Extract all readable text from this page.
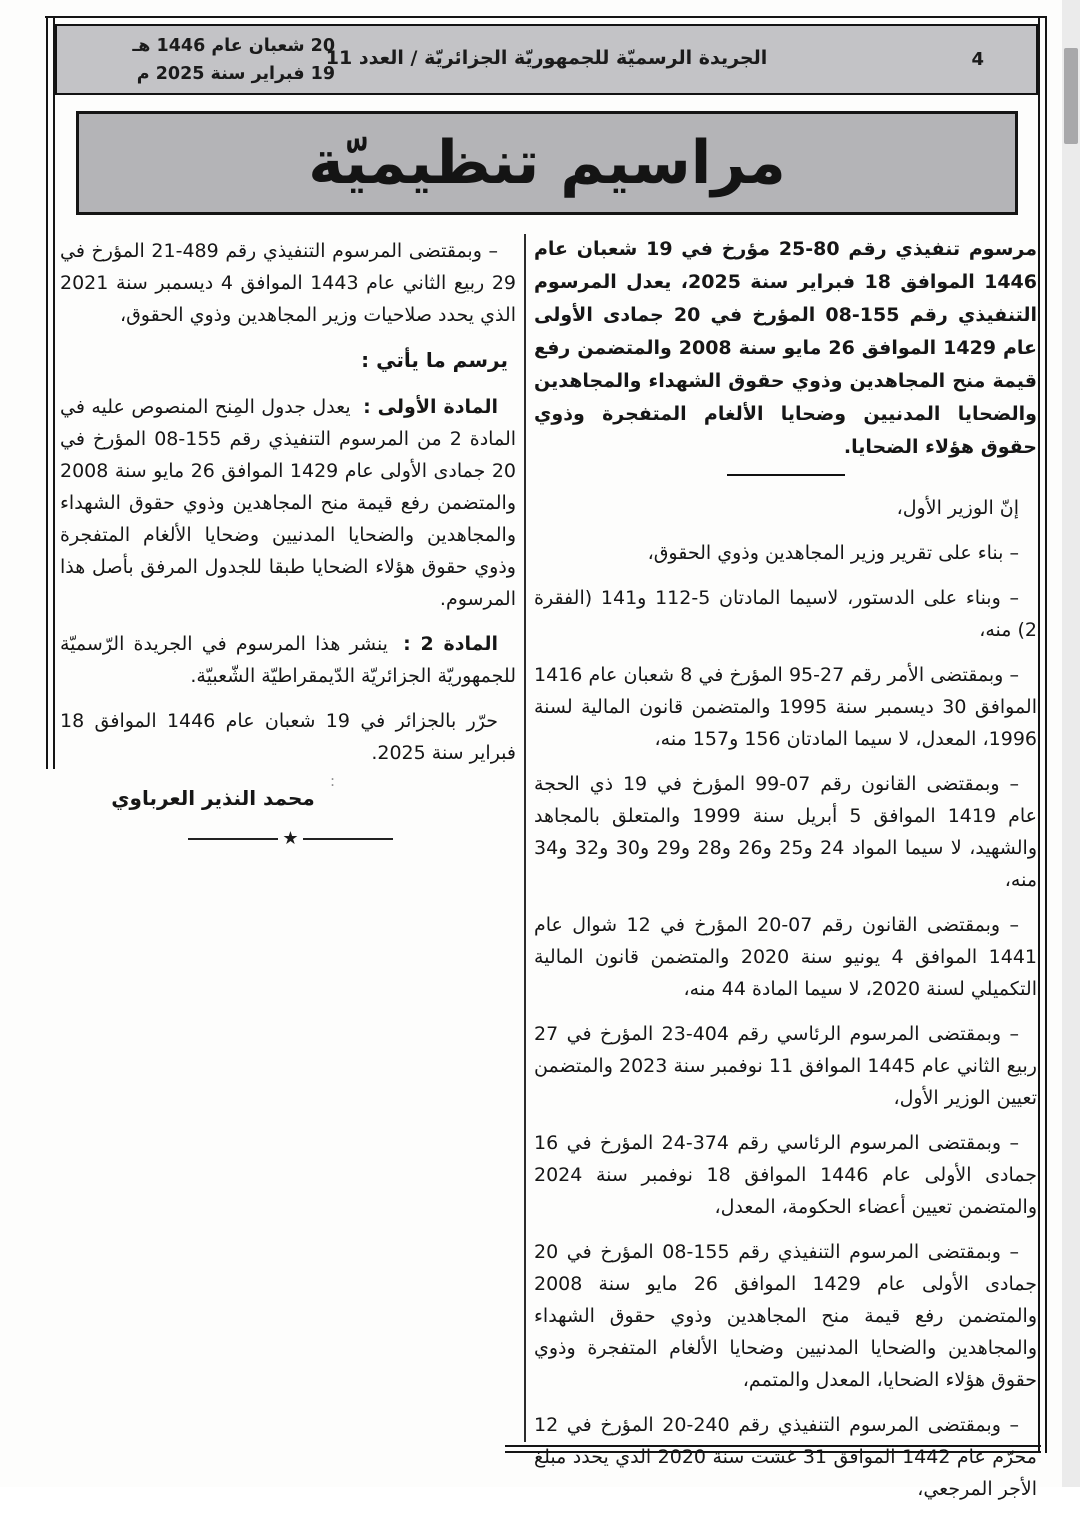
20 شعبان عام 1446 هـ
19 فبراير سنة 2025 م
الجريدة الرسميّة للجمهوريّة الجزائريّة / العدد 11	4
مراسيم تنظيميّة

مرسوم تنفيذي رقم 80-25 مؤرخ في 19 شعبان عام 1446 الموافق 18 فبراير سنة 2025، يعدل المرسوم التنفيذي رقم 155-08 المؤرخ في 20 جمادى الأولى عام 1429 الموافق 26 مايو سنة 2008 والمتضمن رفع قيمة منح المجاهدين وذوي حقوق الشهداء والمجاهدين والضحايا المدنيين وضحايا الألغام المتفجرة وذوي حقوق هؤلاء الضحايا.

إنّ الوزير الأول،

– بناء على تقرير وزير المجاهدين وذوي الحقوق،

– وبناء على الدستور، لاسيما المادتان 5-112 و141 (الفقرة 2) منه،

– وبمقتضى الأمر رقم 27-95 المؤرخ في 8 شعبان عام 1416 الموافق 30 ديسمبر سنة 1995 والمتضمن قانون المالية لسنة 1996، المعدل، لا سيما المادتان 156 و157 منه،

– وبمقتضى القانون رقم 07-99 المؤرخ في 19 ذي الحجة عام 1419 الموافق 5 أبريل سنة 1999 والمتعلق بالمجاهد والشهيد، لا سيما المواد 24 و25 و26 و28 و29 و30 و32 و34 منه،

– وبمقتضى القانون رقم 07-20 المؤرخ في 12 شوال عام 1441 الموافق 4 يونيو سنة 2020 والمتضمن قانون المالية التكميلي لسنة 2020، لا سيما المادة 44 منه،

– وبمقتضى المرسوم الرئاسي رقم 404-23 المؤرخ في 27 ربيع الثاني عام 1445 الموافق 11 نوفمبر سنة 2023 والمتضمن تعيين الوزير الأول،

– وبمقتضى المرسوم الرئاسي رقم 374-24 المؤرخ في 16 جمادى الأولى عام 1446 الموافق 18 نوفمبر سنة 2024 والمتضمن تعيين أعضاء الحكومة، المعدل،

– وبمقتضى المرسوم التنفيذي رقم 155-08 المؤرخ في 20 جمادى الأولى عام 1429 الموافق 26 مايو سنة 2008 والمتضمن رفع قيمة منح المجاهدين وذوي حقوق الشهداء والمجاهدين والضحايا المدنيين وضحايا الألغام المتفجرة وذوي حقوق هؤلاء الضحايا، المعدل والمتمم،

– وبمقتضى المرسوم التنفيذي رقم 240-20 المؤرخ في 12 محرّم عام 1442 الموافق 31 غشت سنة 2020 الذي يحدد مبلغ الأجر المرجعي،

– وبمقتضى المرسوم التنفيذي رقم 489-21 المؤرخ في 29 ربيع الثاني عام 1443 الموافق 4 ديسمبر سنة 2021 الذي يحدد صلاحيات وزير المجاهدين وذوي الحقوق،

يرسم ما يأتي :

المادة الأولى : يعدل جدول المِنح المنصوص عليه في المادة 2 من المرسوم التنفيذي رقم 155-08 المؤرخ في 20 جمادى الأولى عام 1429 الموافق 26 مايو سنة 2008 والمتضمن رفع قيمة منح المجاهدين وذوي حقوق الشهداء والمجاهدين والضحايا المدنيين وضحايا الألغام المتفجرة وذوي حقوق هؤلاء الضحايا طبقا للجدول المرفق بأصل هذا المرسوم.

المادة 2 : ينشر هذا المرسوم في الجريدة الرّسميّة للجمهوريّة الجزائريّة الدّيمقراطيّة الشّعبيّة.

حرّر بالجزائر في 19 شعبان عام 1446 الموافق 18 فبراير سنة 2025.

محمد النذير العرباوي

★
:
